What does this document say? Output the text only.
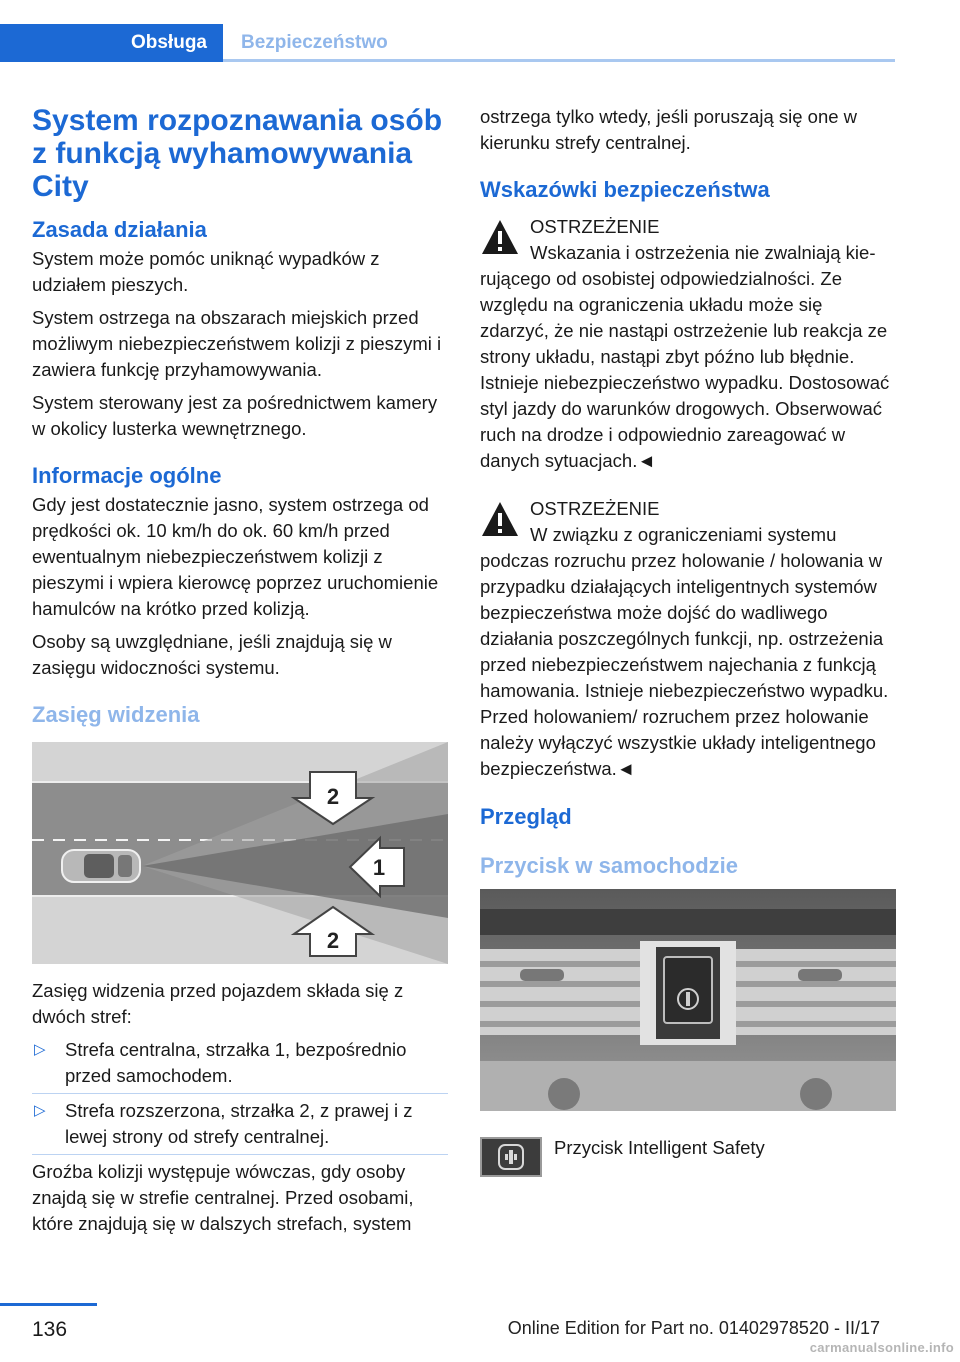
Obsługa	Bezpieczeństwo
System rozpoznawania osób z funkcją wyhamowywania City
Zasada działania

System może pomóc uniknąć wypadków z udziałem pieszych.

System ostrzega na obszarach miejskich przed możliwym niebezpieczeństwem kolizji z pieszymi i zawiera funkcję przyhamowywania.

System sterowany jest za pośrednictwem kamery w okolicy lusterka wewnętrznego.

Informacje ogólne

Gdy jest dostatecznie jasno, system ostrzega od prędkości ok. 10 km/h do ok. 60 km/h przed ewentualnym niebezpieczeństwem kolizji z pieszymi i wpiera kierowcę poprzez uruchomienie hamulców na krótko przed kolizją.

Osoby są uwzględniane, jeśli znajdują się w zasięgu widoczności systemu.

Zasięg widzenia
2
1
2

Zasięg widzenia przed pojazdem składa się z dwóch stref:

▷ Strefa centralna, strzałka 1, bezpośrednio przed samochodem.
▷ Strefa rozszerzona, strzałka 2, z prawej i z lewej strony od strefy centralnej.

Groźba kolizji występuje wówczas, gdy osoby znajdą się w strefie centralnej. Przed osobami, które znajdują się w dalszych strefach, system

ostrzega tylko wtedy, jeśli poruszają się one w kierunku strefy centralnej.

Wskazówki bezpieczeństwa
OSTRZEŻENIE
Wskazania i ostrzeżenia nie zwalniają kie-
rującego od osobistej odpowiedzialności. Ze względu na ograniczenia układu może się zdarzyć, że nie nastąpi ostrzeżenie lub reakcja ze strony układu, nastąpi zbyt późno lub błędnie. Istnieje niebezpieczeństwo wypadku. Dostosować styl jazdy do warunków drogowych. Obserwować ruch na drodze i odpowiednio zareagować w danych sytuacjach.◄
OSTRZEŻENIE
W związku z ograniczeniami systemu
podczas rozruchu przez holowanie / holowania w przypadku działających inteligentnych systemów bezpieczeństwa może dojść do wadliwego działania poszczególnych funkcji, np. ostrzeżenia przed niebezpieczeństwem najechania z funkcją hamowania. Istnieje niebezpieczeństwo wypadku. Przed holowaniem/ rozruchem przez holowanie należy wyłączyć wszystkie układy inteligentnego bezpieczeństwa.◄
Przegląd
Przycisk w samochodzie
Przycisk Intelligent Safety
136	Online Edition for Part no. 01402978520 - II/17
carmanualsonline.info
